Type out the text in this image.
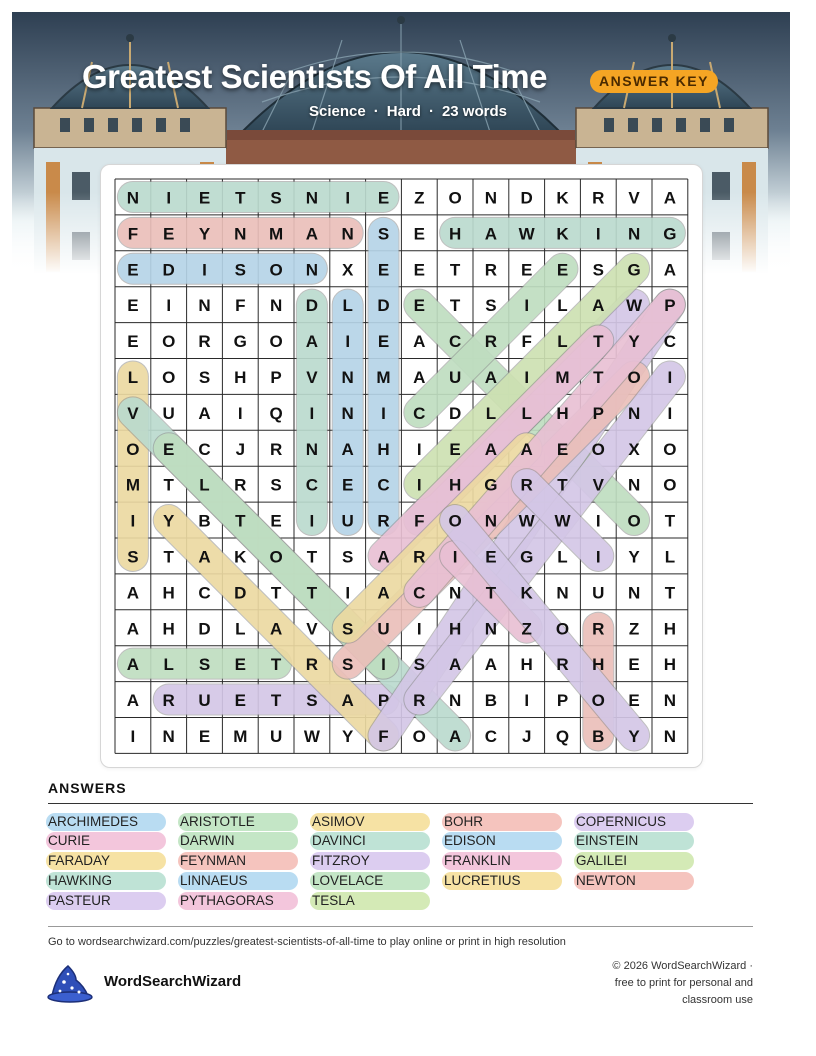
Greatest Scientists Of All Time	ANSWER KEY
Science · Hard · 23 words
N I E T S N I E Z O N D K R V A
F E Y N M A N S E H A W K I N G
E D I S O N X E E T R E E S G A
E I N F N D L D E T S I L A W P
E O R G O A I E A C R F L T Y C
L O S H P V N M A U A I M T O I
V U A I Q I N I C D L L H P N I
O E C J R N A H I E A A E O X O
M T L R S C E C I H G R T V N O
I Y B T E I U R F O N W W I O T
S T A K O T S A R I E G L I Y L
A H C D T T I A C N T K N U N T
A H D L A V S U I H N Z O R Z H
A L S E T R S I S A A H R H E H
A R U E T S A P R N B I P O E N
I N E M U W Y F O A C J Q B Y N
ANSWERS
ARCHIMEDES	ARISTOTLE	ASIMOV	BOHR	COPERNICUS
CURIE	DARWIN	DAVINCI	EDISON	EINSTEIN
FARADAY	FEYNMAN	FITZROY	FRANKLIN	GALILEI
HAWKING	LINNAEUS	LOVELACE	LUCRETIUS	NEWTON
PASTEUR	PYTHAGORAS	TESLA
Go to wordsearchwizard.com/puzzles/greatest-scientists-of-all-time to play online or print in high resolution
WordSearchWizard
© 2026 WordSearchWizard ·
free to print for personal and
classroom use
